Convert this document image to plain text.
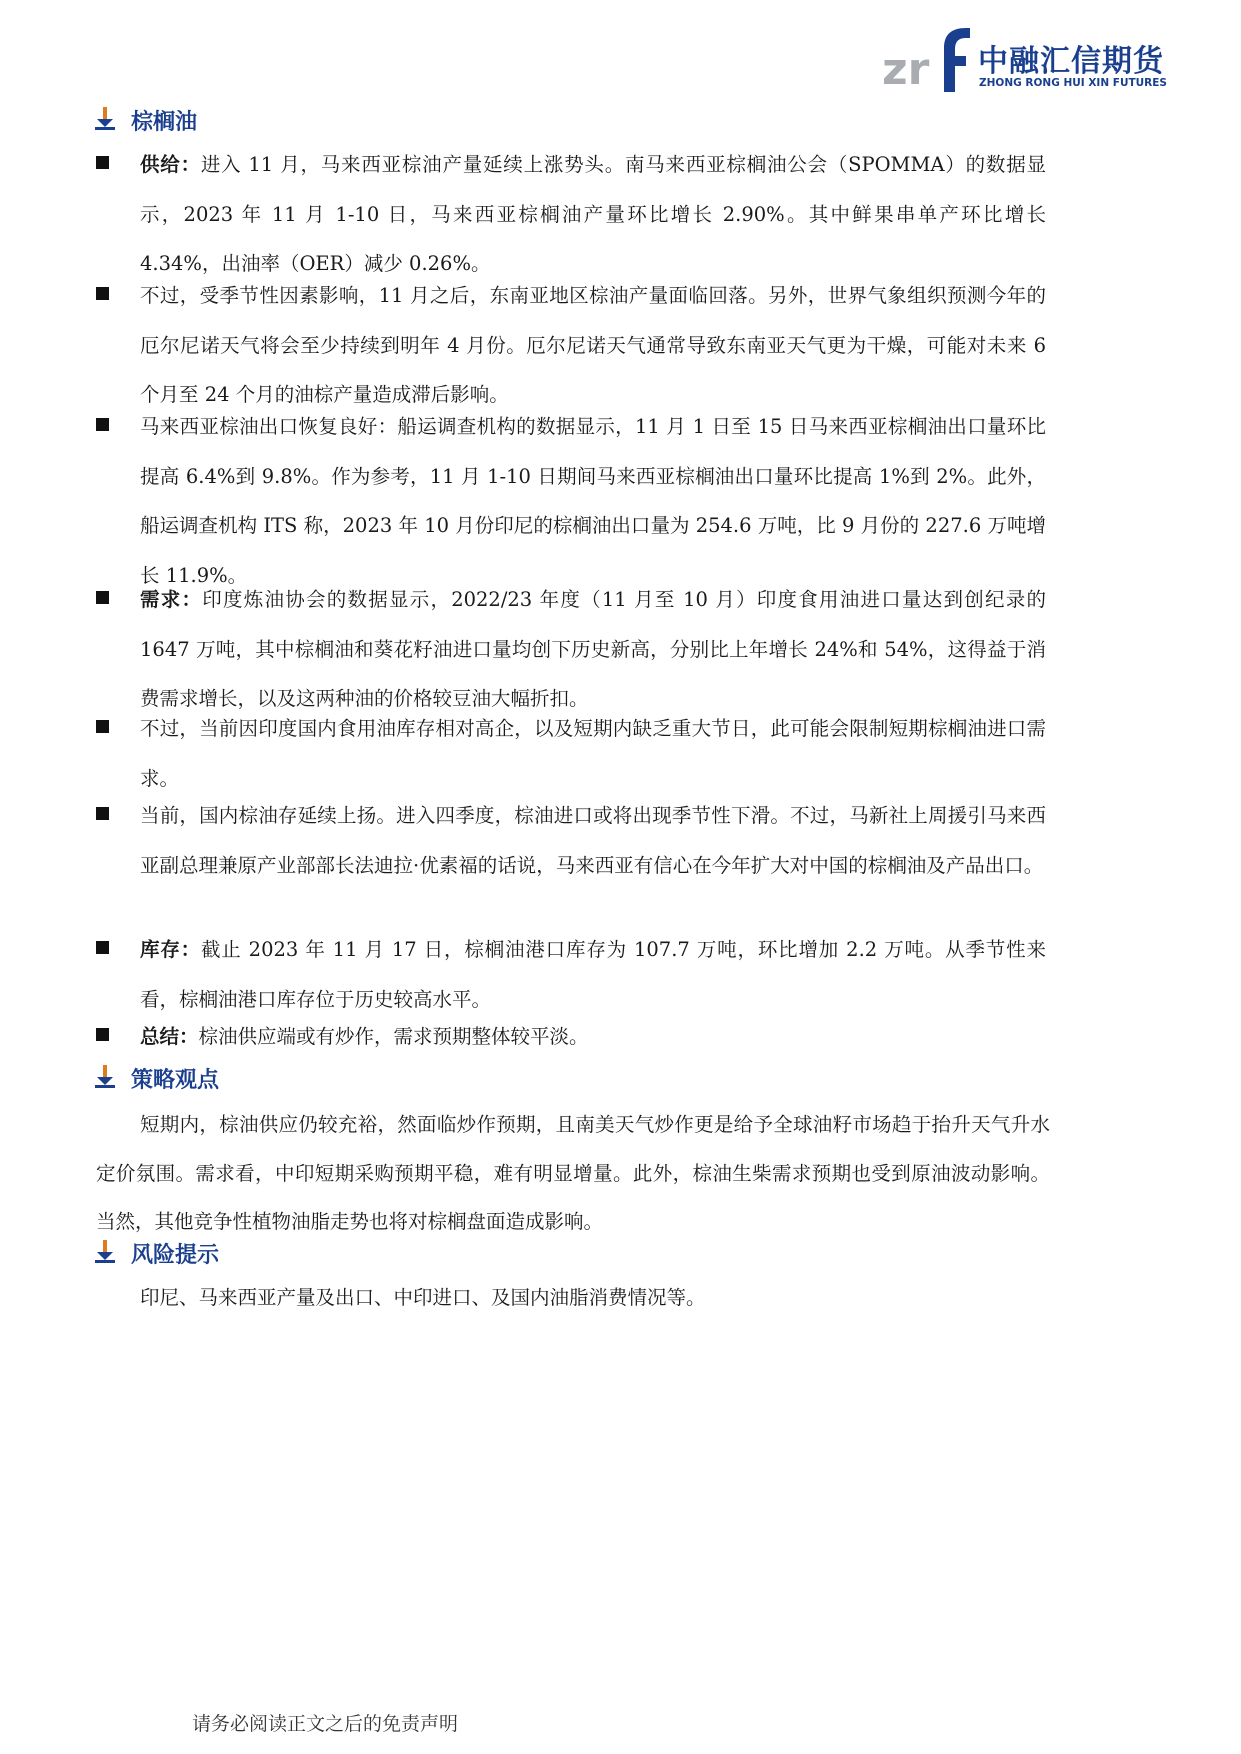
zr 中融汇信期货
ZHONG RONG HUI XIN FUTURES
棕榈油
供给：进入 11 月，马来西亚棕油产量延续上涨势头。南马来西亚棕榈油公会（SPOMMA）的数据显示，2023 年 11 月 1-10 日，马来西亚棕榈油产量环比增长 2.90%。其中鲜果串单产环比增长 4.34%，出油率（OER）减少 0.26%。
不过，受季节性因素影响，11 月之后，东南亚地区棕油产量面临回落。另外，世界气象组织预测今年的厄尔尼诺天气将会至少持续到明年 4 月份。厄尔尼诺天气通常导致东南亚天气更为干燥，可能对未来 6 个月至 24 个月的油棕产量造成滞后影响。
马来西亚棕油出口恢复良好：船运调查机构的数据显示，11 月 1 日至 15 日马来西亚棕榈油出口量环比提高 6.4%到 9.8%。作为参考，11 月 1-10 日期间马来西亚棕榈油出口量环比提高 1%到 2%。此外，船运调查机构 ITS 称，2023 年 10 月份印尼的棕榈油出口量为 254.6 万吨，比 9 月份的 227.6 万吨增长 11.9%。
需求：印度炼油协会的数据显示，2022/23 年度（11 月至 10 月）印度食用油进口量达到创纪录的 1647 万吨，其中棕榈油和葵花籽油进口量均创下历史新高，分别比上年增长 24%和 54%，这得益于消费需求增长，以及这两种油的价格较豆油大幅折扣。
不过，当前因印度国内食用油库存相对高企，以及短期内缺乏重大节日，此可能会限制短期棕榈油进口需求。
当前，国内棕油存延续上扬。进入四季度，棕油进口或将出现季节性下滑。不过，马新社上周援引马来西亚副总理兼原产业部部长法迪拉·优素福的话说，马来西亚有信心在今年扩大对中国的棕榈油及产品出口。
库存：截止 2023 年 11 月 17 日，棕榈油港口库存为 107.7 万吨，环比增加 2.2 万吨。从季节性来看，棕榈油港口库存位于历史较高水平。
总结：棕油供应端或有炒作，需求预期整体较平淡。
策略观点
短期内，棕油供应仍较充裕，然面临炒作预期，且南美天气炒作更是给予全球油籽市场趋于抬升天气升水定价氛围。需求看，中印短期采购预期平稳，难有明显增量。此外，棕油生柴需求预期也受到原油波动影响。当然，其他竞争性植物油脂走势也将对棕榈盘面造成影响。
风险提示
印尼、马来西亚产量及出口、中印进口、及国内油脂消费情况等。
请务必阅读正文之后的免责声明
